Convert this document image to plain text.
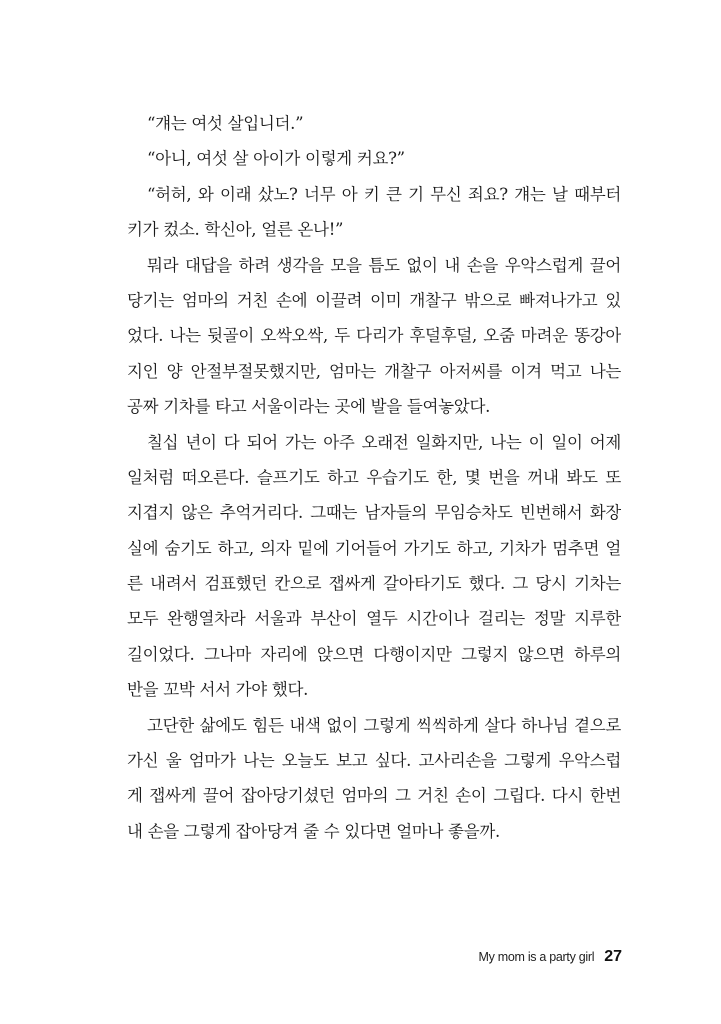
“걔는 여섯 살입니더.”
“아니, 여섯 살 아이가 이렇게 커요?”
“허허, 와 이래 샀노? 너무 아 키 큰 기 무신 죄요? 걔는 날 때부터
키가 컸소. 학신아, 얼른 온나!”
뭐라 대답을 하려 생각을 모을 틈도 없이 내 손을 우악스럽게 끌어
당기는 엄마의 거친 손에 이끌려 이미 개찰구 밖으로 빠져나가고 있
었다. 나는 뒷골이 오싹오싹, 두 다리가 후덜후덜, 오줌 마려운 똥강아
지인 양 안절부절못했지만, 엄마는 개찰구 아저씨를 이겨 먹고 나는
공짜 기차를 타고 서울이라는 곳에 발을 들여놓았다.
칠십 년이 다 되어 가는 아주 오래전 일화지만, 나는 이 일이 어제
일처럼 떠오른다. 슬프기도 하고 우습기도 한, 몇 번을 꺼내 봐도 또
지겹지 않은 추억거리다. 그때는 남자들의 무임승차도 빈번해서 화장
실에 숨기도 하고, 의자 밑에 기어들어 가기도 하고, 기차가 멈추면 얼
른 내려서 검표했던 칸으로 잽싸게 갈아타기도 했다. 그 당시 기차는
모두 완행열차라 서울과 부산이 열두 시간이나 걸리는 정말 지루한
길이었다. 그나마 자리에 앉으면 다행이지만 그렇지 않으면 하루의
반을 꼬박 서서 가야 했다.
고단한 삶에도 힘든 내색 없이 그렇게 씩씩하게 살다 하나님 곁으로
가신 울 엄마가 나는 오늘도 보고 싶다. 고사리손을 그렇게 우악스럽
게 잽싸게 끌어 잡아당기셨던 엄마의 그 거친 손이 그립다. 다시 한번
내 손을 그렇게 잡아당겨 줄 수 있다면 얼마나 좋을까.
My mom is a party girl 27
